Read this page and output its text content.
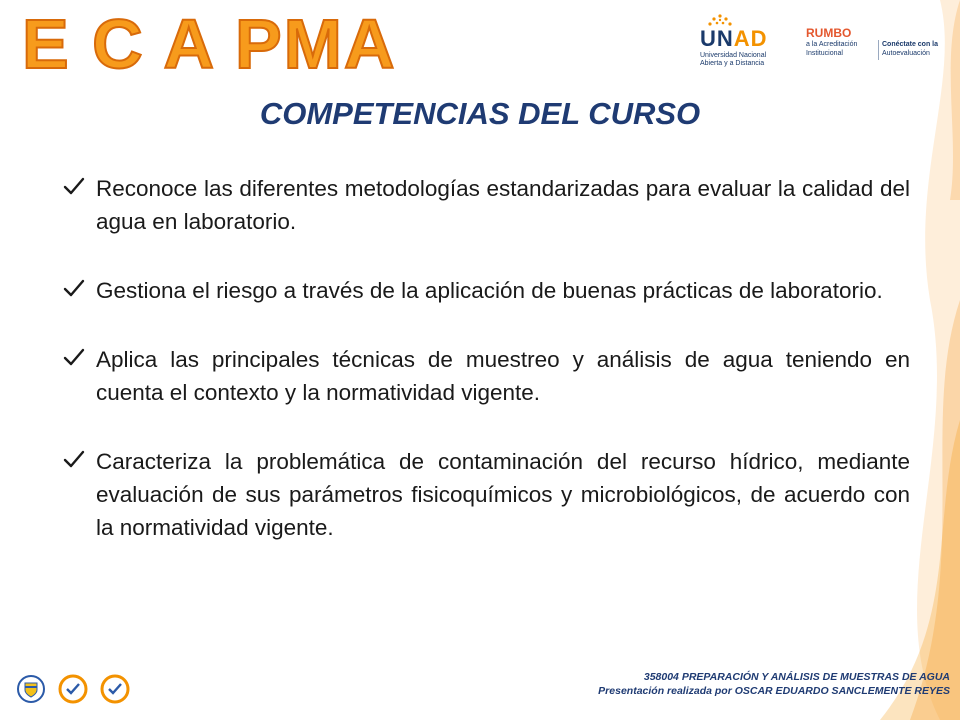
E C A PMA	UNAD
Universidad Nacional
Abierta y a Distancia
RUMBO
a la Acreditación
Institucional
Conéctate con la
Autoevaluación
COMPETENCIAS DEL CURSO
Reconoce las diferentes metodologías estandarizadas para evaluar la calidad del agua en laboratorio.
Gestiona el riesgo a través de la aplicación de buenas prácticas de laboratorio.
Aplica las principales técnicas de muestreo y análisis de agua teniendo en cuenta el contexto y la normatividad vigente.
Caracteriza la problemática de contaminación del recurso hídrico, mediante evaluación de sus parámetros fisicoquímicos y microbiológicos, de acuerdo con la normatividad vigente.
358004 PREPARACIÓN Y ANÁLISIS DE MUESTRAS DE AGUA
Presentación realizada por OSCAR EDUARDO SANCLEMENTE REYES
